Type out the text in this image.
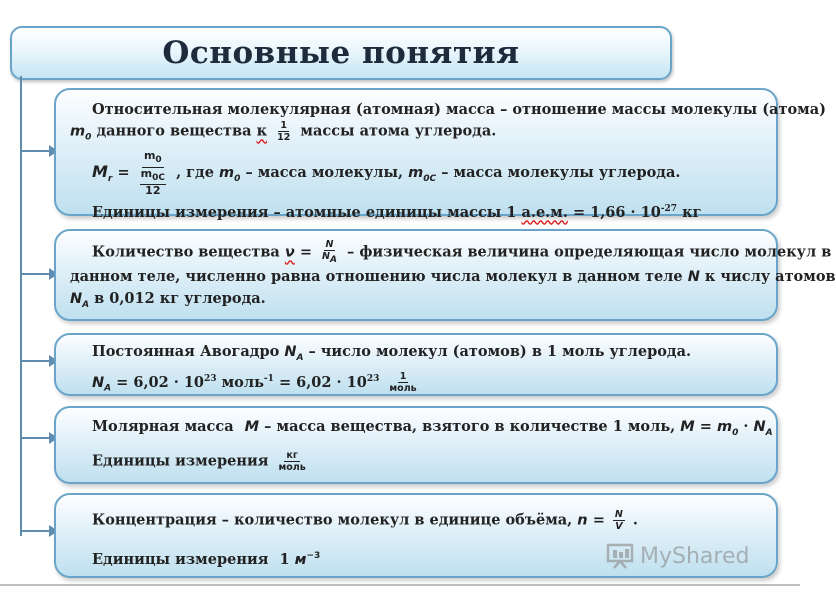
Основные понятия
Относительная молекулярная (атомная) масса – отношение массы молекулы (атома)
$m_0$ данного вещества к $\frac{1}{12}$ массы атома углерода.
$M_r = m_0$
$m_{0C}$
12 , где $m_0$ – масса молекулы, $m_{0C}$ – масса молекулы углерода.
Единицы измерения – атомные единицы массы 1 а.е.м. = $1,66 \cdot 10^{-27}$ кг
Количество вещества $\nu = \frac{N}{N_A}$ – физическая величина определяющая число молекул в
данном теле, численно равна отношению числа молекул в данном теле N к числу атомов
$N_A$ в 0,012 кг углерода.
Постоянная Авогадро $N_A$ – число молекул (атомов) в 1 моль углерода.
$N_A = 6,02 \cdot 10^{23}$ моль$^{-1}$ = $6,02 \cdot 10^{23} \frac{1}{\text{моль}}$
Молярная масса M – масса вещества, взятого в количестве 1 моль, $M = m_0 \cdot N_A$
Единицы измерения $\frac{кг}{\text{моль}}$
Концентрация – количество молекул в единице объёма, $n = \frac{N}{V}$ .
Единицы измерения 1 $м^{-3}$	MyShared
